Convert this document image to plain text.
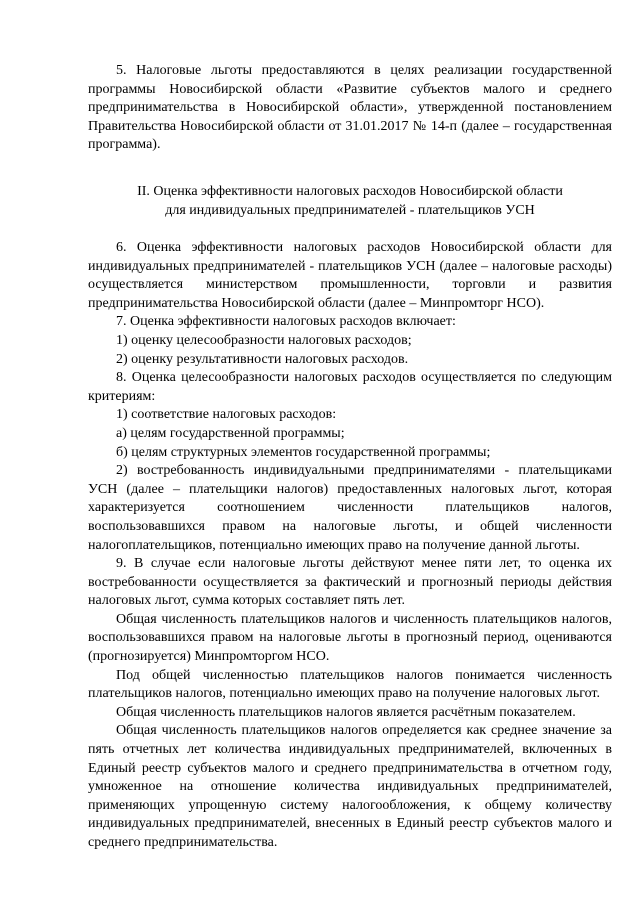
5. Налоговые льготы предоставляются в целях реализации государственной программы Новосибирской области «Развитие субъектов малого и среднего предпринимательства в Новосибирской области», утвержденной постановлением Правительства Новосибирской области от 31.01.2017 № 14-п (далее – государственная программа).

II. Оценка эффективности налоговых расходов Новосибирской области
для индивидуальных предпринимателей - плательщиков УСН

6. Оценка эффективности налоговых расходов Новосибирской области для индивидуальных предпринимателей - плательщиков УСН (далее – налоговые расходы) осуществляется министерством промышленности, торговли и развития предпринимательства Новосибирской области (далее – Минпромторг НСО).

7. Оценка эффективности налоговых расходов включает:

1) оценку целесообразности налоговых расходов;

2) оценку результативности налоговых расходов.

8. Оценка целесообразности налоговых расходов осуществляется по следующим критериям:

1) соответствие налоговых расходов:

а) целям государственной программы;

б) целям структурных элементов государственной программы;

2) востребованность индивидуальными предпринимателями - плательщиками УСН (далее – плательщики налогов) предоставленных налоговых льгот, которая характеризуется соотношением численности плательщиков налогов, воспользовавшихся правом на налоговые льготы, и общей численности налогоплательщиков, потенциально имеющих право на получение данной льготы.

9. В случае если налоговые льготы действуют менее пяти лет, то оценка их востребованности осуществляется за фактический и прогнозный периоды действия налоговых льгот, сумма которых составляет пять лет.

Общая численность плательщиков налогов и численность плательщиков налогов, воспользовавшихся правом на налоговые льготы в прогнозный период, оцениваются (прогнозируется) Минпромторгом НСО.

Под общей численностью плательщиков налогов понимается численность плательщиков налогов, потенциально имеющих право на получение налоговых льгот.

Общая численность плательщиков налогов является расчётным показателем.

Общая численность плательщиков налогов определяется как среднее значение за пять отчетных лет количества индивидуальных предпринимателей, включенных в Единый реестр субъектов малого и среднего предпринимательства в отчетном году, умноженное на отношение количества индивидуальных предпринимателей, применяющих упрощенную систему налогообложения, к общему количеству индивидуальных предпринимателей, внесенных в Единый реестр субъектов малого и среднего предпринимательства.
